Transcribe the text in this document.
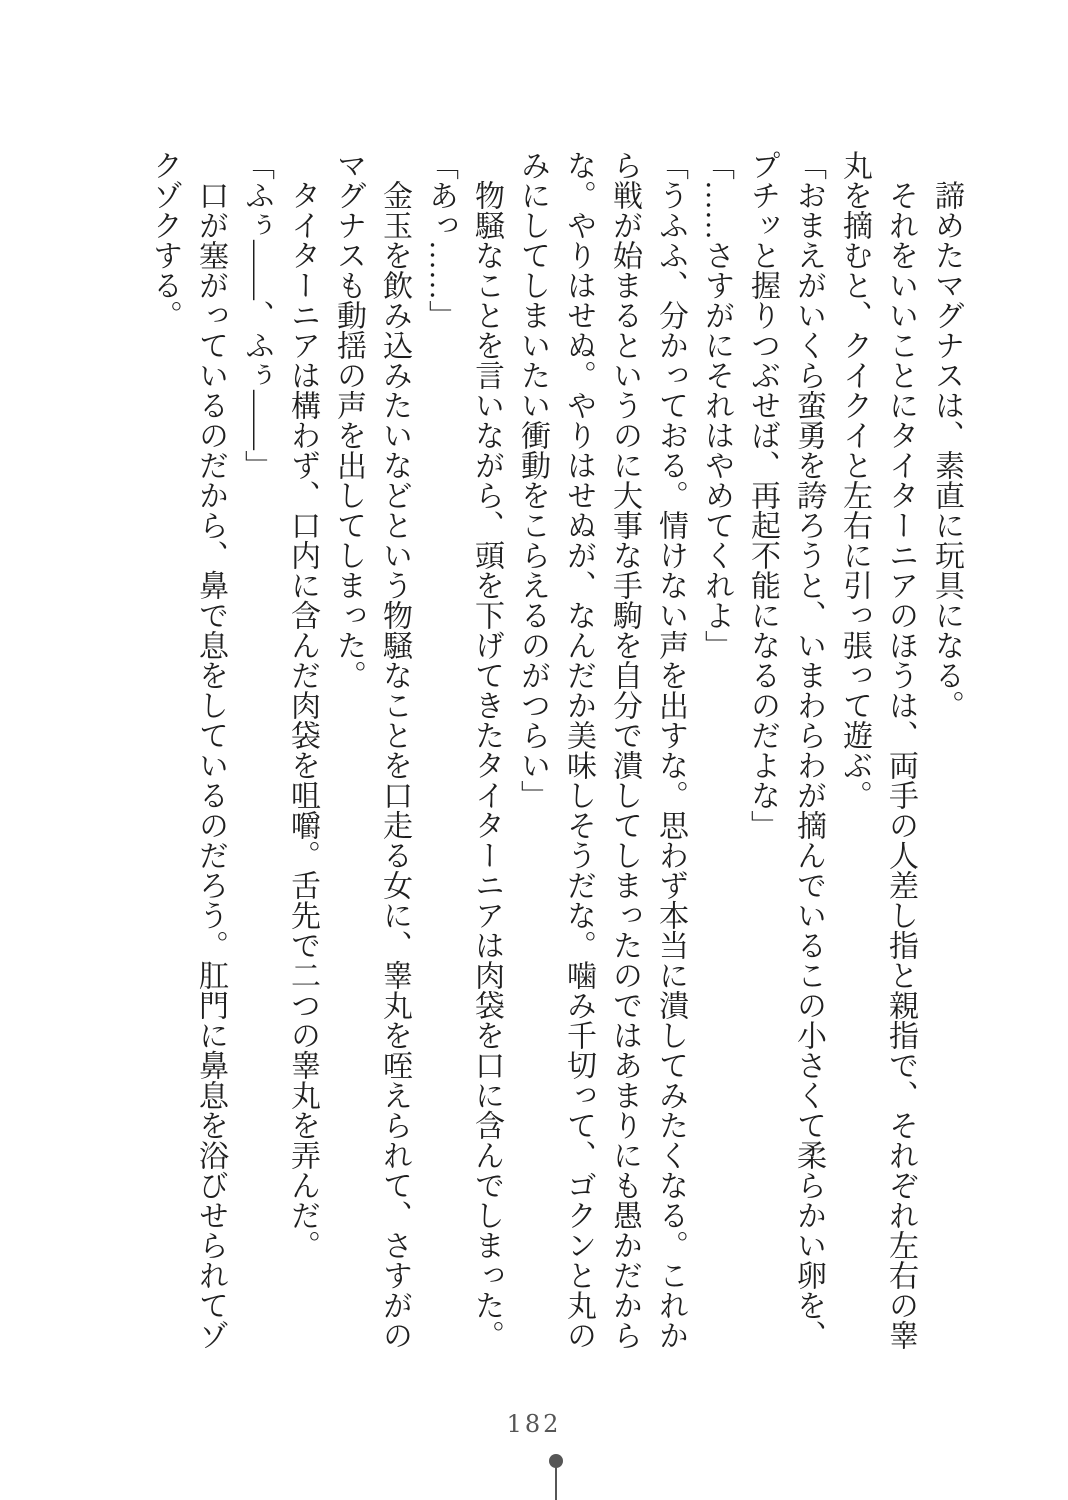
諦めたマグナスは、素直に玩具になる。

それをいいことにタイターニアのほうは、両手の人差し指と親指で、それぞれ左右の睾丸を摘むと、クイクイと左右に引っ張って遊ぶ。

「おまえがいくら蛮勇を誇ろうと、いまわらわが摘んでいるこの小さくて柔らかい卵を、プチッと握りつぶせば、再起不能になるのだよな」

「……さすがにそれはやめてくれよ」

「うふふ、分かっておる。情けない声を出すな。思わず本当に潰してみたくなる。これから戦が始まるというのに大事な手駒を自分で潰してしまったのではあまりにも愚かだからな。やりはせぬ。やりはせぬが、なんだか美味しそうだな。噛み千切って、ゴクンと丸のみにしてしまいたい衝動をこらえるのがつらい」

物騒なことを言いながら、頭を下げてきたタイターニアは肉袋を口に含んでしまった。

「あっ……」

金玉を飲み込みたいなどという物騒なことを口走る女に、睾丸を咥えられて、さすがのマグナスも動揺の声を出してしまった。

タイターニアは構わず、口内に含んだ肉袋を咀嚼。舌先で二つの睾丸を弄んだ。

「ふぅ――、ふぅ――」

口が塞がっているのだから、鼻で息をしているのだろう。肛門に鼻息を浴びせられてゾクゾクする。

182
